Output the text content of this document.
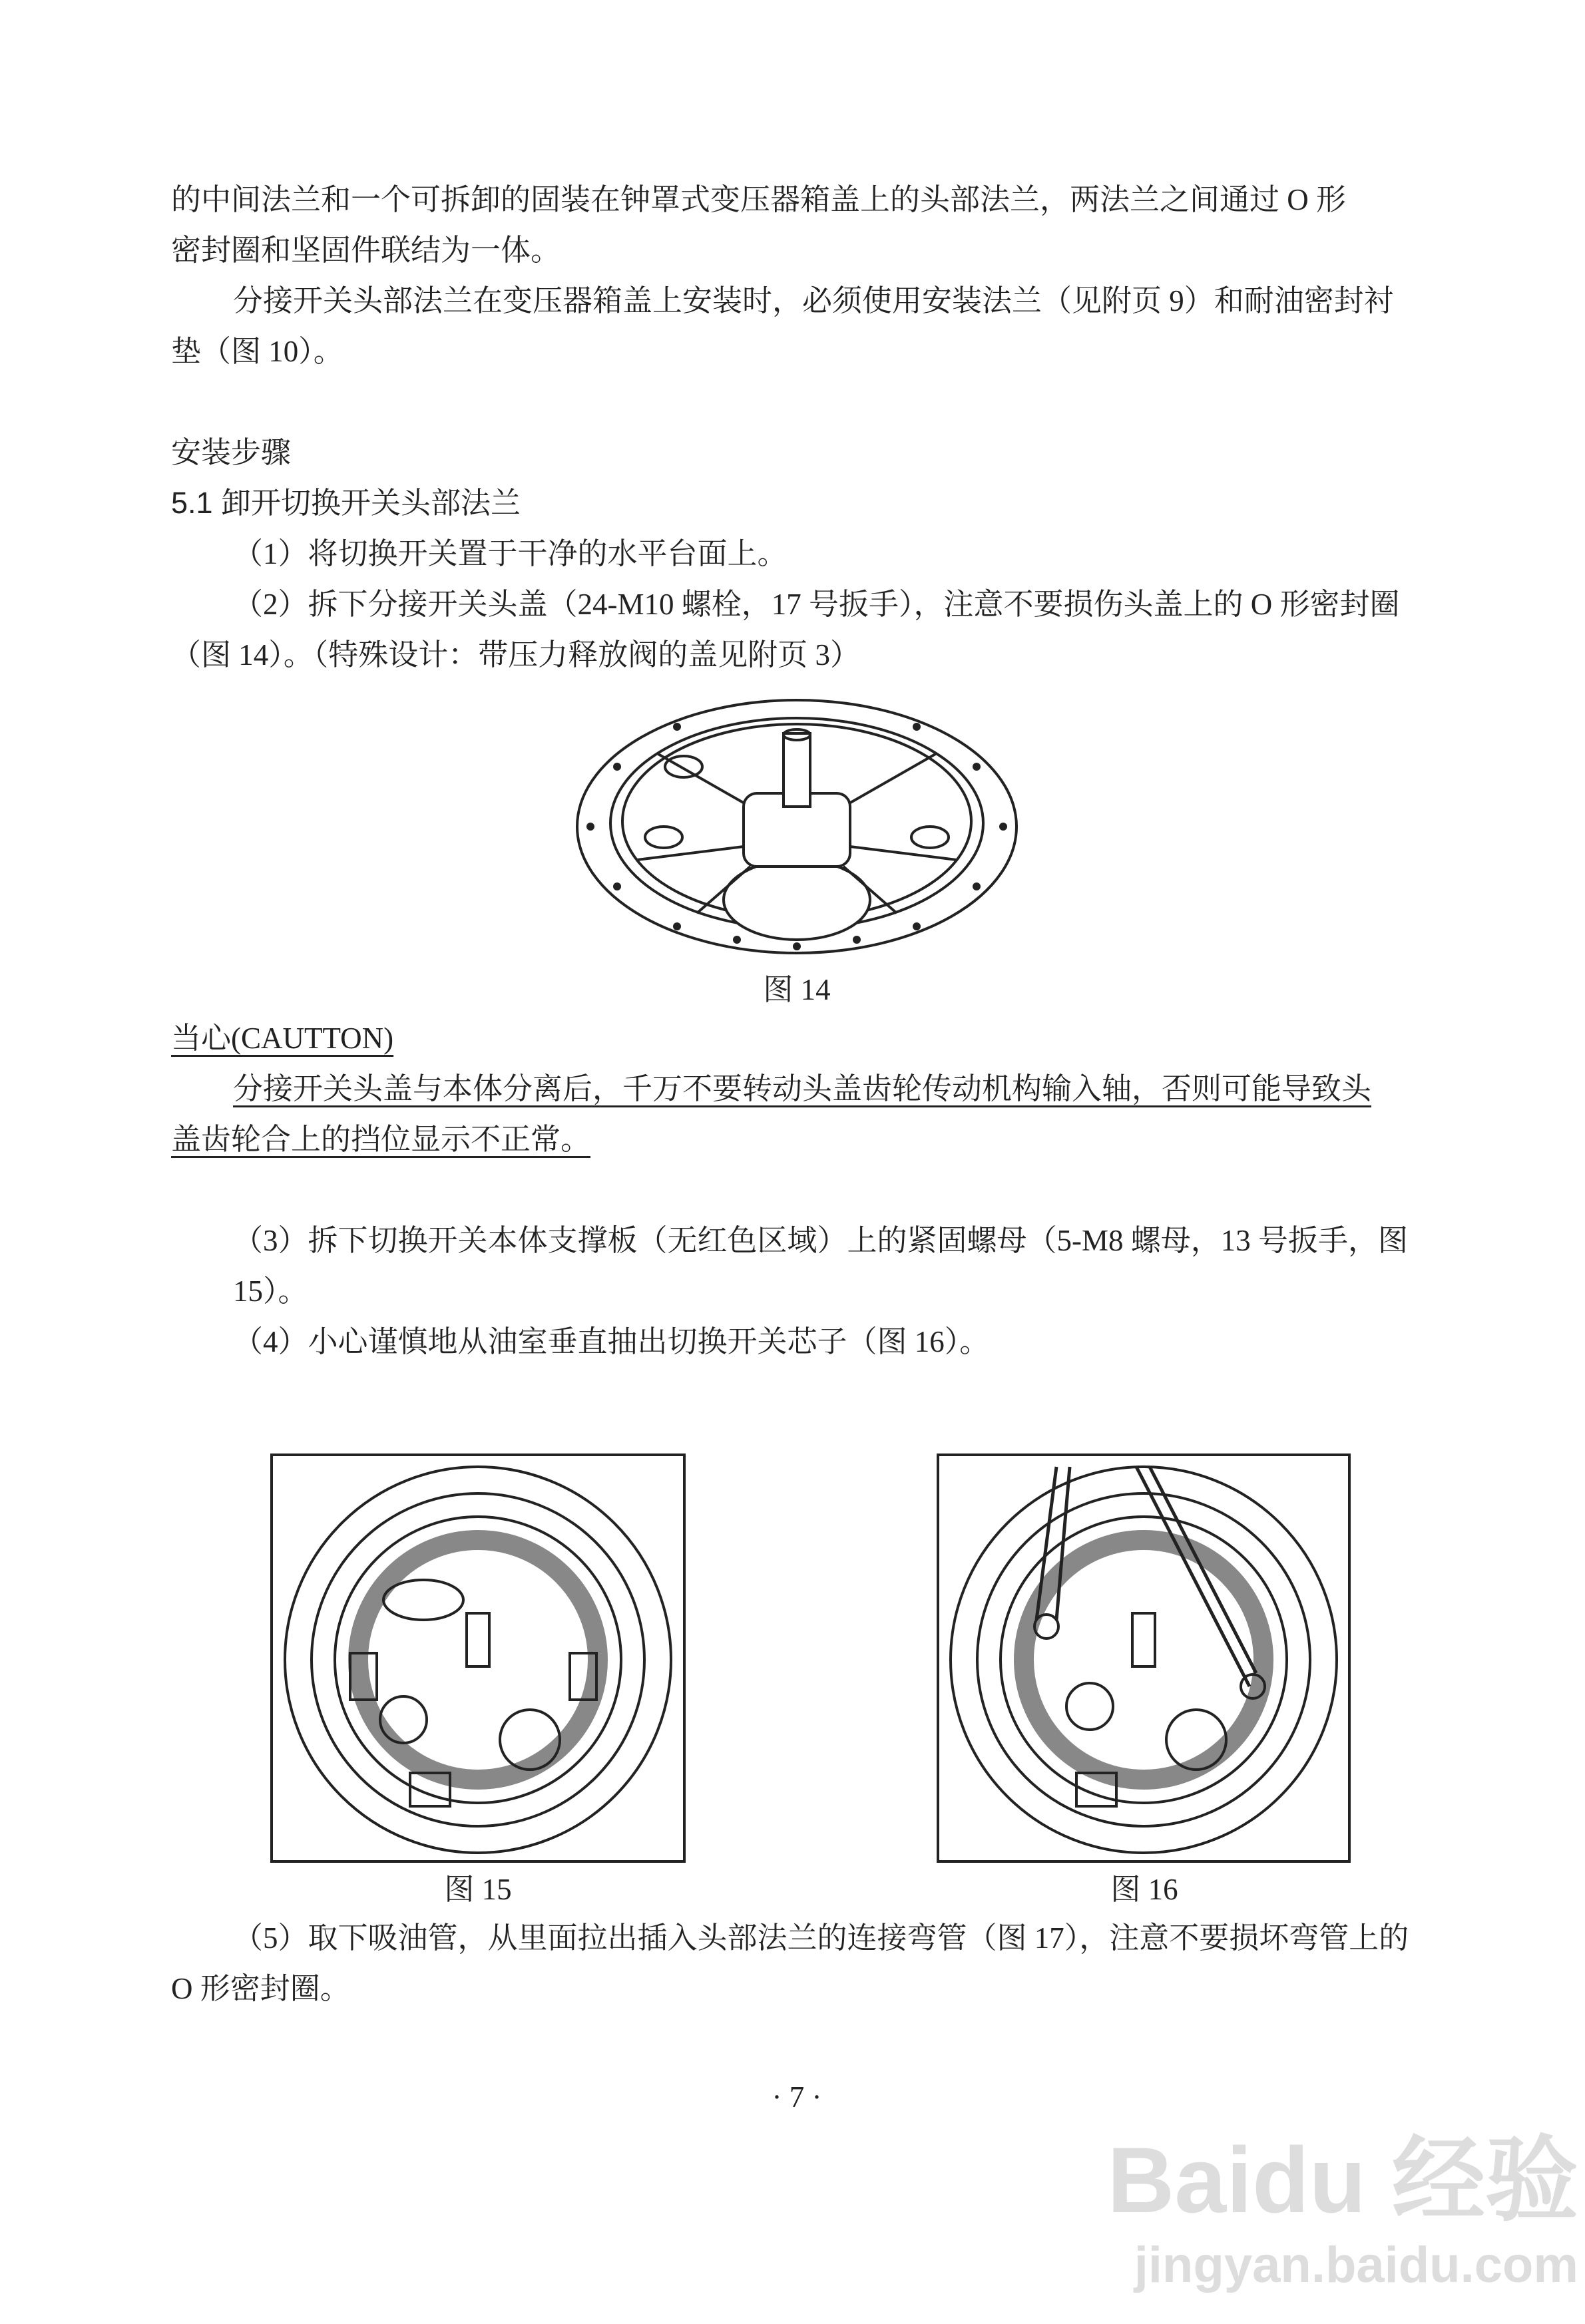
的中间法兰和一个可拆卸的固装在钟罩式变压器箱盖上的头部法兰，两法兰之间通过 O 形
密封圈和坚固件联结为一体。
分接开关头部法兰在变压器箱盖上安装时，必须使用安装法兰（见附页 9）和耐油密封衬
垫（图 10）。
安装步骤
5.1 卸开切换开关头部法兰
（1）将切换开关置于干净的水平台面上。
（2）拆下分接开关头盖（24-M10 螺栓，17 号扳手），注意不要损伤头盖上的 O 形密封圈
（图 14）。（特殊设计：带压力释放阀的盖见附页 3）
图 14
当心(CAUTTON)
分接开关头盖与本体分离后，千万不要转动头盖齿轮传动机构输入轴，否则可能导致头
盖齿轮合上的挡位显示不正常。
（3）拆下切换开关本体支撑板（无红色区域）上的紧固螺母（5-M8 螺母，13 号扳手，图 15）。
（4）小心谨慎地从油室垂直抽出切换开关芯子（图 16）。
图 15	图 16
（5）取下吸油管，从里面拉出插入头部法兰的连接弯管（图 17），注意不要损坏弯管上的
O 形密封圈。
· 7 ·
Baidu 经验
jingyan.baidu.com
